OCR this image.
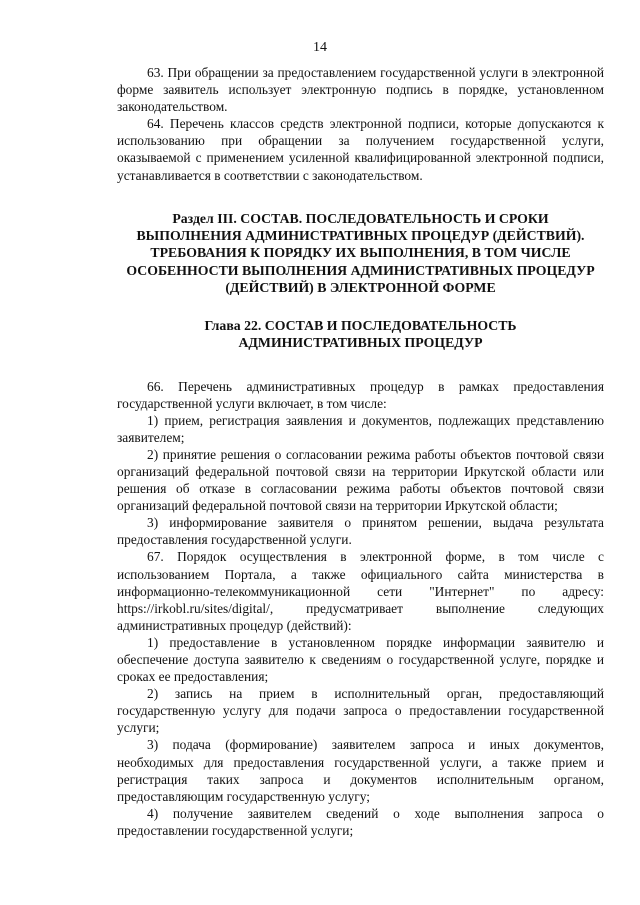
14

63. При обращении за предоставлением государственной услуги в электронной форме заявитель использует электронную подпись в порядке, установленном законодательством.

64. Перечень классов средств электронной подписи, которые допускаются к использованию при обращении за получением государственной услуги, оказываемой с применением усиленной квалифицированной электронной подписи, устанавливается в соответствии с законодательством.

Раздел III. СОСТАВ. ПОСЛЕДОВАТЕЛЬНОСТЬ И СРОКИ
ВЫПОЛНЕНИЯ АДМИНИСТРАТИВНЫХ ПРОЦЕДУР (ДЕЙСТВИЙ).
ТРЕБОВАНИЯ К ПОРЯДКУ ИХ ВЫПОЛНЕНИЯ, В ТОМ ЧИСЛЕ
ОСОБЕННОСТИ ВЫПОЛНЕНИЯ АДМИНИСТРАТИВНЫХ ПРОЦЕДУР
(ДЕЙСТВИЙ) В ЭЛЕКТРОННОЙ ФОРМЕ
Глава 22. СОСТАВ И ПОСЛЕДОВАТЕЛЬНОСТЬ
АДМИНИСТРАТИВНЫХ ПРОЦЕДУР

66. Перечень административных процедур в рамках предоставления государственной услуги включает, в том числе:

1) прием, регистрация заявления и документов, подлежащих представлению заявителем;

2) принятие решения о согласовании режима работы объектов почтовой связи организаций федеральной почтовой связи на территории Иркутской области или решения об отказе в согласовании режима работы объектов почтовой связи организаций федеральной почтовой связи на территории Иркутской области;

3) информирование заявителя о принятом решении, выдача результата предоставления государственной услуги.

67. Порядок осуществления в электронной форме, в том числе с использованием Портала, а также официального сайта министерства в информационно-телекоммуникационной сети "Интернет" по адресу: https://irkobl.ru/sites/digital/, предусматривает выполнение следующих административных процедур (действий):

1) предоставление в установленном порядке информации заявителю и обеспечение доступа заявителю к сведениям о государственной услуге, порядке и сроках ее предоставления;

2) запись на прием в исполнительный орган, предоставляющий государственную услугу для подачи запроса о предоставлении государственной услуги;

3) подача (формирование) заявителем запроса и иных документов, необходимых для предоставления государственной услуги, а также прием и регистрация таких запроса и документов исполнительным органом, предоставляющим государственную услугу;

4) получение заявителем сведений о ходе выполнения запроса о предоставлении государственной услуги;
